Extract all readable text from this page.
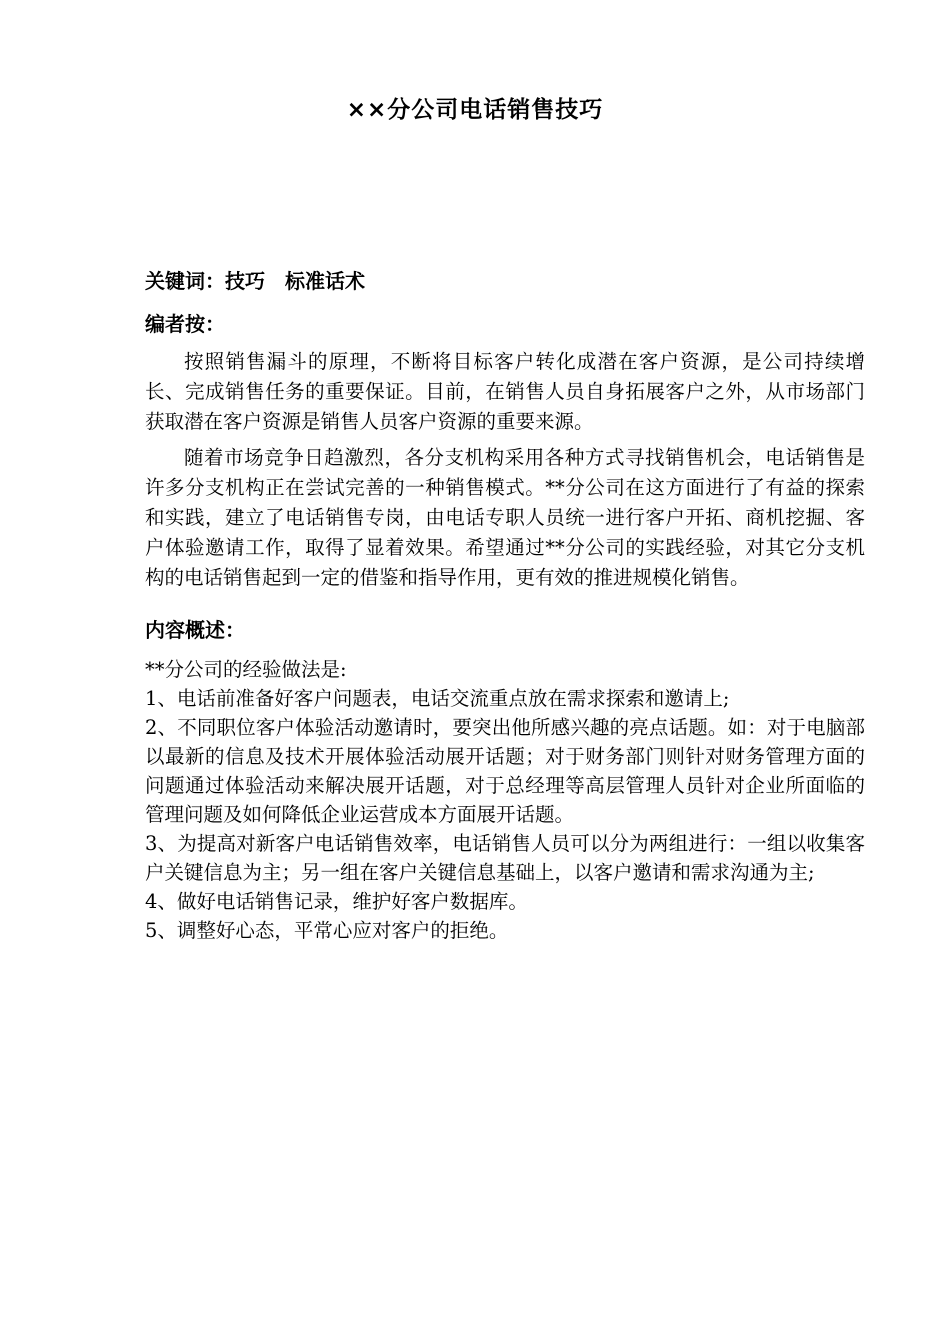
××分公司电话销售技巧
关键词：技巧　标准话术
编者按：

按照销售漏斗的原理，不断将目标客户转化成潜在客户资源，是公司持续增长、完成销售任务的重要保证。目前，在销售人员自身拓展客户之外，从市场部门获取潜在客户资源是销售人员客户资源的重要来源。

随着市场竞争日趋激烈，各分支机构采用各种方式寻找销售机会，电话销售是许多分支机构正在尝试完善的一种销售模式。**分公司在这方面进行了有益的探索和实践，建立了电话销售专岗，由电话专职人员统一进行客户开拓、商机挖掘、客户体验邀请工作，取得了显着效果。希望通过**分公司的实践经验，对其它分支机构的电话销售起到一定的借鉴和指导作用，更有效的推进规模化销售。

内容概述：
**分公司的经验做法是:
1、电话前准备好客户问题表，电话交流重点放在需求探索和邀请上;
2、不同职位客户体验活动邀请时，要突出他所感兴趣的亮点话题。如：对于电脑部以最新的信息及技术开展体验活动展开话题；对于财务部门则针对财务管理方面的问题通过体验活动来解决展开话题，对于总经理等高层管理人员针对企业所面临的管理问题及如何降低企业运营成本方面展开话题。
3、为提高对新客户电话销售效率，电话销售人员可以分为两组进行：一组以收集客户关键信息为主；另一组在客户关键信息基础上，以客户邀请和需求沟通为主;
4、做好电话销售记录，维护好客户数据库。
5、调整好心态，平常心应对客户的拒绝。
